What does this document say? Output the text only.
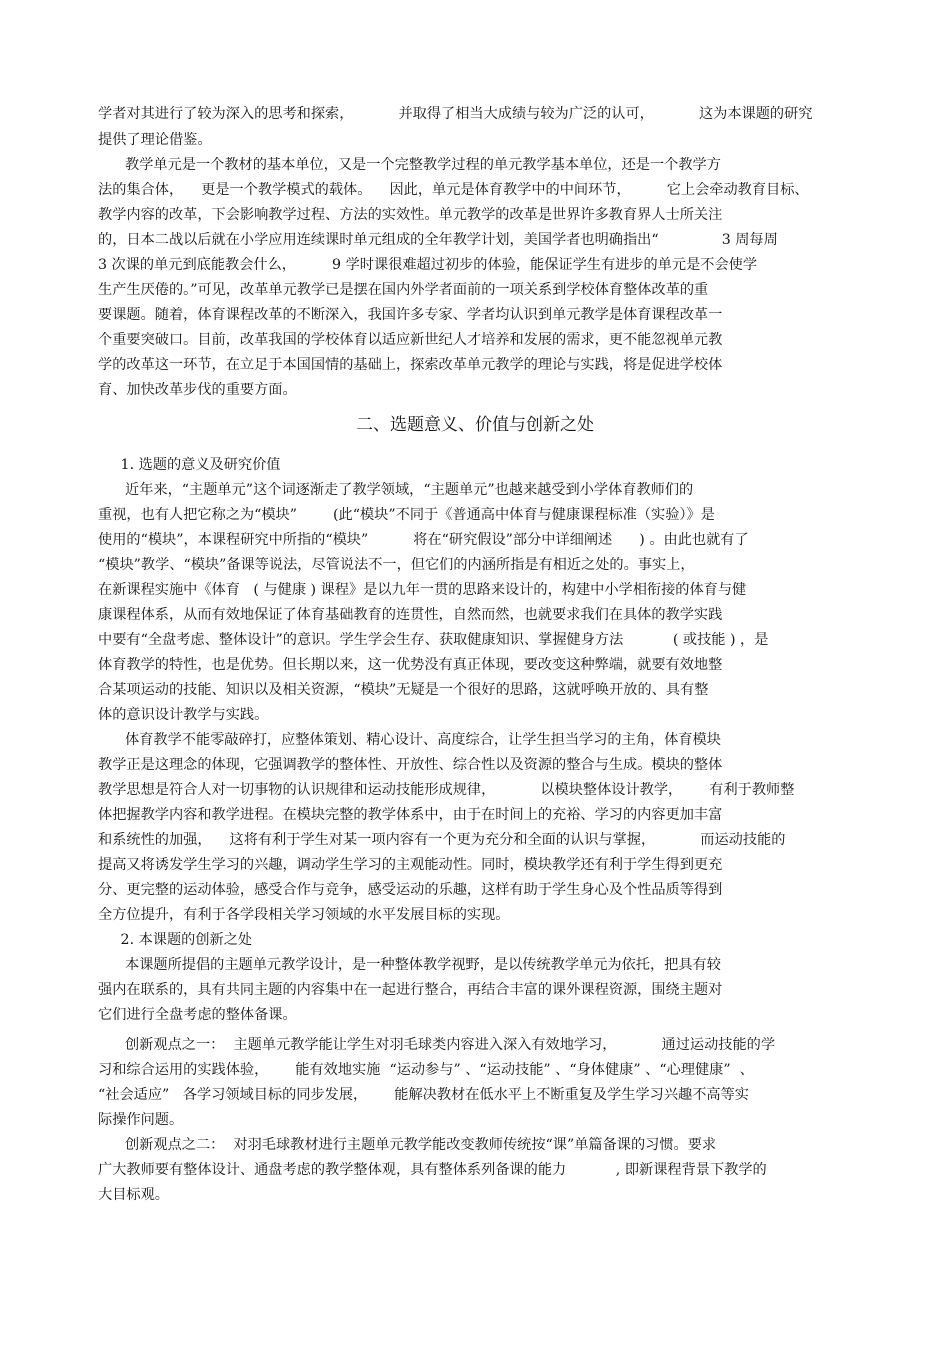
学者对其进行了较为深入的思考和探索，          并取得了相当大成绩与较为广泛的认可，          这为本课题的研究
提供了理论借鉴。
教学单元是一个教材的基本单位，又是一个完整教学过程的单元教学基本单位，还是一个教学方
法的集合体，    更是一个教学模式的载体。    因此，单元是体育教学中的中间环节，        它上会牵动教育目标、
教学内容的改革，下会影响教学过程、方法的实效性。单元教学的改革是世界许多教育界人士所关注
的，日本二战以后就在小学应用连续课时单元组成的全年教学计划，美国学者也明确指出“              3 周每周
3 次课的单元到底能教会什么，        9 学时课很难超过初步的体验，能保证学生有进步的单元是不会使学
生产生厌倦的。”可见，改革单元教学已是摆在国内外学者面前的一项关系到学校体育整体改革的重
要课题。随着，体育课程改革的不断深入，我国许多专家、学者均认识到单元教学是体育课程改革一
个重要突破口。目前，改革我国的学校体育以适应新世纪人才培养和发展的需求，更不能忽视单元教
学的改革这一环节，在立足于本国国情的基础上，探索改革单元教学的理论与实践，将是促进学校体
育、加快改革步伐的重要方面。
二、选题意义、价值与创新之处
1. 选题的意义及研究价值
近年来，“主题单元”这个词逐渐走了教学领域，“主题单元”也越来越受到小学体育教师们的
重视，也有人把它称之为“模块”        (此“模块”不同于《普通高中体育与健康课程标准（实验）》是
使用的“模块”，本课程研究中所指的“模块”          将在“研究假设”部分中详细阐述      ) 。由此也就有了
“模块”教学、“模块”备课等说法，尽管说法不一，但它们的内涵所指是有相近之处的。事实上，
在新课程实施中《体育   ( 与健康 ) 课程》是以九年一贯的思路来设计的，构建中小学相衔接的体育与健
康课程体系，从而有效地保证了体育基础教育的连贯性，自然而然，也就要求我们在具体的教学实践
中要有“全盘考虑、整体设计”的意识。学生学会生存、获取健康知识、掌握健身方法           ( 或技能 ) ，是
体育教学的特性，也是优势。但长期以来，这一优势没有真正体现，要改变这种弊端，就要有效地整
合某项运动的技能、知识以及相关资源，“模块”无疑是一个很好的思路，这就呼唤开放的、具有整
体的意识设计教学与实践。
体育教学不能零敲碎打，应整体策划、精心设计、高度综合，让学生担当学习的主角，体育模块
教学正是这理念的体现，它强调教学的整体性、开放性、综合性以及资源的整合与生成。模块的整体
教学思想是符合人对一切事物的认识规律和运动技能形成规律，          以模块整体设计教学，      有利于教师整
体把握教学内容和教学进程。在模块完整的教学体系中，由于在时间上的充裕、学习的内容更加丰富
和系统性的加强，    这将有利于学生对某一项内容有一个更为充分和全面的认识与掌握，          而运动技能的
提高又将诱发学生学习的兴趣，调动学生学习的主观能动性。同时，模块教学还有利于学生得到更充
分、更完整的运动体验，感受合作与竞争，感受运动的乐趣，这样有助于学生身心及个性品质等得到
全方位提升，有利于各学段相关学习领域的水平发展目标的实现。
2. 本课题的创新之处
本课题所提倡的主题单元教学设计，是一种整体教学视野，是以传统教学单元为依托，把具有较
强内在联系的，具有共同主题的内容集中在一起进行整合，再结合丰富的课外课程资源，围绕主题对
它们进行全盘考虑的整体备课。
创新观点之一：  主题单元教学能让学生对羽毛球类内容进入深入有效地学习，          通过运动技能的学
习和综合运用的实践体验，      能有效地实施  “运动参与” 、“运动技能” 、“身体健康” 、“心理健康”  、
“社会适应”   各学习领域目标的同步发展，      能解决教材在低水平上不断重复及学生学习兴趣不高等实
际操作问题。
创新观点之二：  对羽毛球教材进行主题单元教学能改变教师传统按“课”单篇备课的习惯。要求
广大教师要有整体设计、通盘考虑的教学整体观，具有整体系列备课的能力           , 即新课程背景下教学的
大目标观。
